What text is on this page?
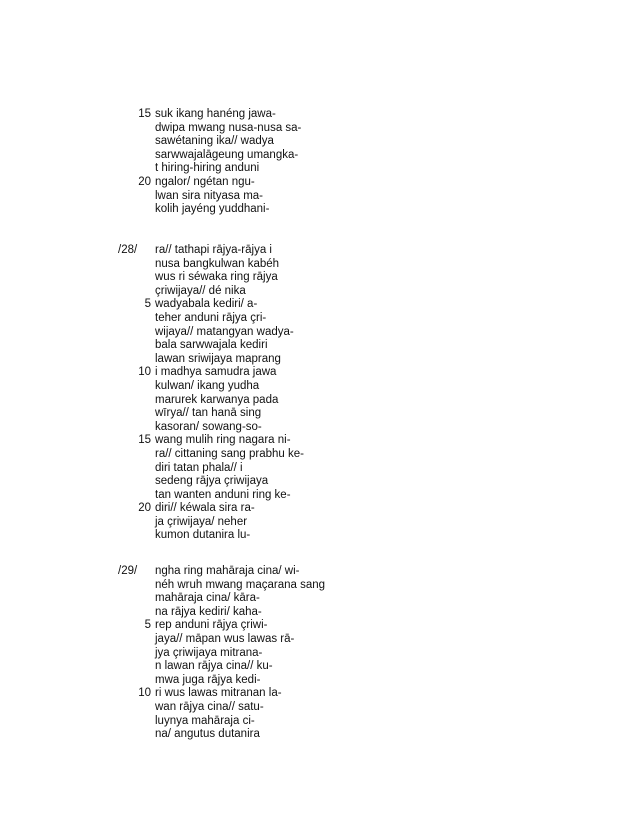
15 suk ikang hanéng jawa-
dwipa mwang nusa-nusa sa-
sawétaning ika// wadya
sarwwajalāgeung umangka-
t hiring-hiring anduni
20 ngalor/ ngétan ngu-
lwan sira nityasa ma-
kolih jayéng yuddhani-
/28/	ra// tathapi rājya-rājya i
nusa bangkulwan kabéh
wus ri séwaka ring rājya
çriwijaya// dé nika
5 wadyabala kediri/ a-
teher anduni rājya çri-
wijaya// matangyan wadya-
bala sarwwajala kediri
lawan sriwijaya maprang
10 i madhya samudra jawa
kulwan/ ikang yudha
marurek karwanya pada
wīrya// tan hanā sing
kasoran/ sowang-so-
15 wang mulih ring nagara ni-
ra// cittaning sang prabhu ke-
diri tatan phala// i
sedeng rājya çriwijaya
tan wanten anduni ring ke-
20 diri// kéwala sira ra-
ja çriwijaya/ neher
kumon dutanira lu-
/29/	ngha ring mahāraja cina/ wi-
néh wruh mwang maçarana sang
mahāraja cina/ kāra-
na rājya kediri/ kaha-
5 rep anduni rājya çriwi-
jaya// māpan wus lawas rā-
jya çriwijaya mitrana-
n lawan rājya cina// ku-
mwa juga rājya kedi-
10 ri wus lawas mitranan la-
wan rājya cina// satu-
luynya mahāraja ci-
na/ angutus dutanira
